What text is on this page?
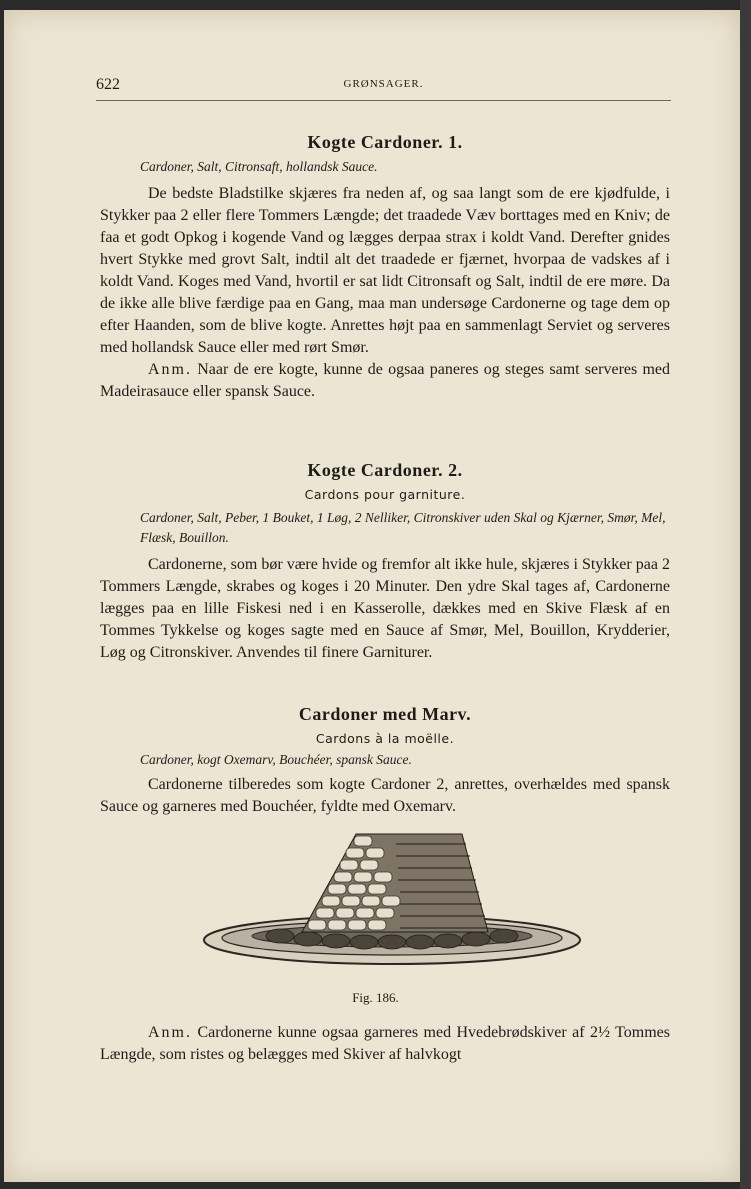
622	GRØNSAGER.
Kogte Cardoner. 1.

Cardoner, Salt, Citronsaft, hollandsk Sauce.

De bedste Bladstilke skjæres fra neden af, og saa langt som de ere kjødfulde, i Stykker paa 2 eller flere Tommers Længde; det traadede Væv borttages med en Kniv; de faa et godt Opkog i kogende Vand og lægges derpaa strax i koldt Vand. Derefter gnides hvert Stykke med grovt Salt, indtil alt det traadede er fjærnet, hvorpaa de vadskes af i koldt Vand. Koges med Vand, hvortil er sat lidt Citronsaft og Salt, indtil de ere møre. Da de ikke alle blive færdige paa en Gang, maa man undersøge Cardonerne og tage dem op efter Haanden, som de blive kogte. Anrettes højt paa en sammenlagt Serviet og serveres med hollandsk Sauce eller med rørt Smør.

Anm. Naar de ere kogte, kunne de ogsaa paneres og steges samt serveres med Madeirasauce eller spansk Sauce.

Kogte Cardoner. 2.

Cardons pour garniture.

Cardoner, Salt, Peber, 1 Bouket, 1 Løg, 2 Nelliker, Citronskiver uden Skal og Kjærner, Smør, Mel, Flæsk, Bouillon.

Cardonerne, som bør være hvide og fremfor alt ikke hule, skjæres i Stykker paa 2 Tommers Længde, skrabes og koges i 20 Minuter. Den ydre Skal tages af, Cardonerne lægges paa en lille Fiskesi ned i en Kasserolle, dækkes med en Skive Flæsk af en Tommes Tykkelse og koges sagte med en Sauce af Smør, Mel, Bouillon, Krydderier, Løg og Citronskiver. Anvendes til finere Garniturer.

Cardoner med Marv.

Cardons à la moëlle.

Cardoner, kogt Oxemarv, Bouchéer, spansk Sauce.

Cardonerne tilberedes som kogte Cardoner 2, anrettes, overhældes med spansk Sauce og garneres med Bouchéer, fyldte med Oxemarv.

Fig. 186.

Anm. Cardonerne kunne ogsaa garneres med Hvedebrødskiver af 2½ Tommes Længde, som ristes og belægges med Skiver af halvkogt
